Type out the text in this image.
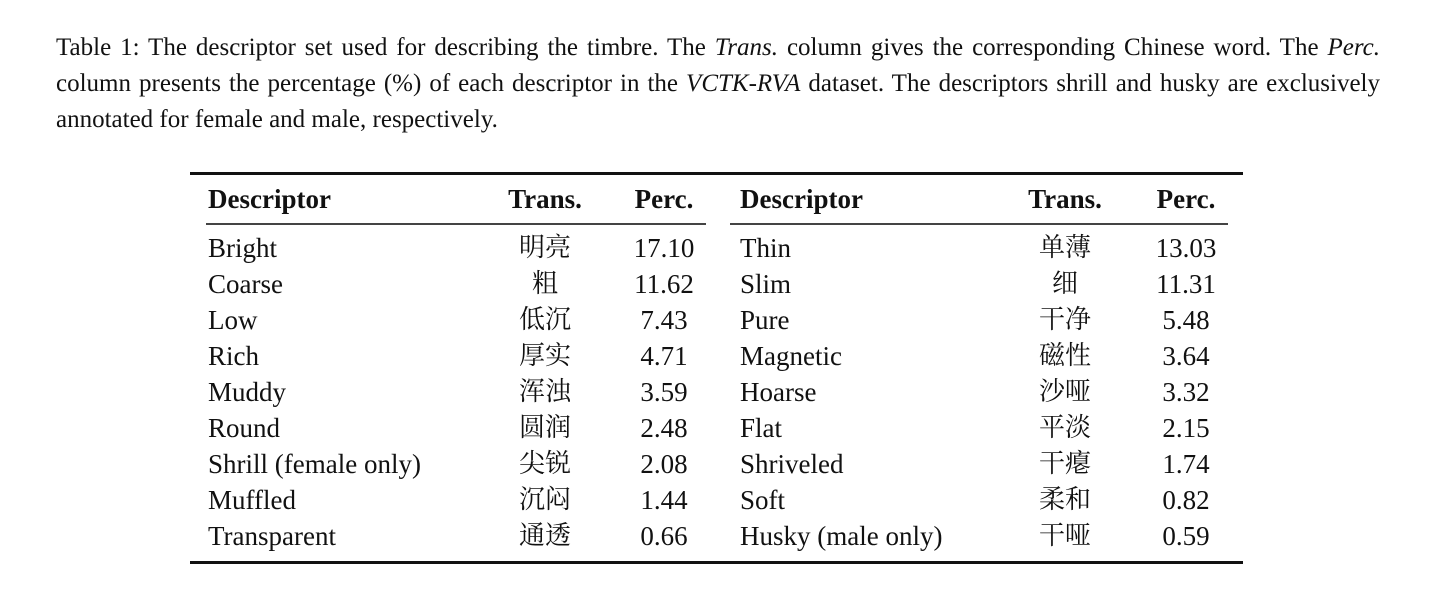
Table 1: The descriptor set used for describing the timbre. The Trans. column gives the corresponding Chinese word. The Perc. column presents the percentage (%) of each descriptor in the VCTK-RVA dataset. The descriptors shrill and husky are exclusively annotated for female and male, respectively.
Descriptor	Trans.	Perc.	Descriptor	Trans.	Perc.
Bright	明亮	17.10	Thin	单薄	13.03
Coarse	粗	11.62	Slim	细	11.31
Low	低沉	7.43	Pure	干净	5.48
Rich	厚实	4.71	Magnetic	磁性	3.64
Muddy	浑浊	3.59	Hoarse	沙哑	3.32
Round	圆润	2.48	Flat	平淡	2.15
Shrill (female only)	尖锐	2.08	Shriveled	干瘪	1.74
Muffled	沉闷	1.44	Soft	柔和	0.82
Transparent	通透	0.66	Husky (male only)	干哑	0.59
